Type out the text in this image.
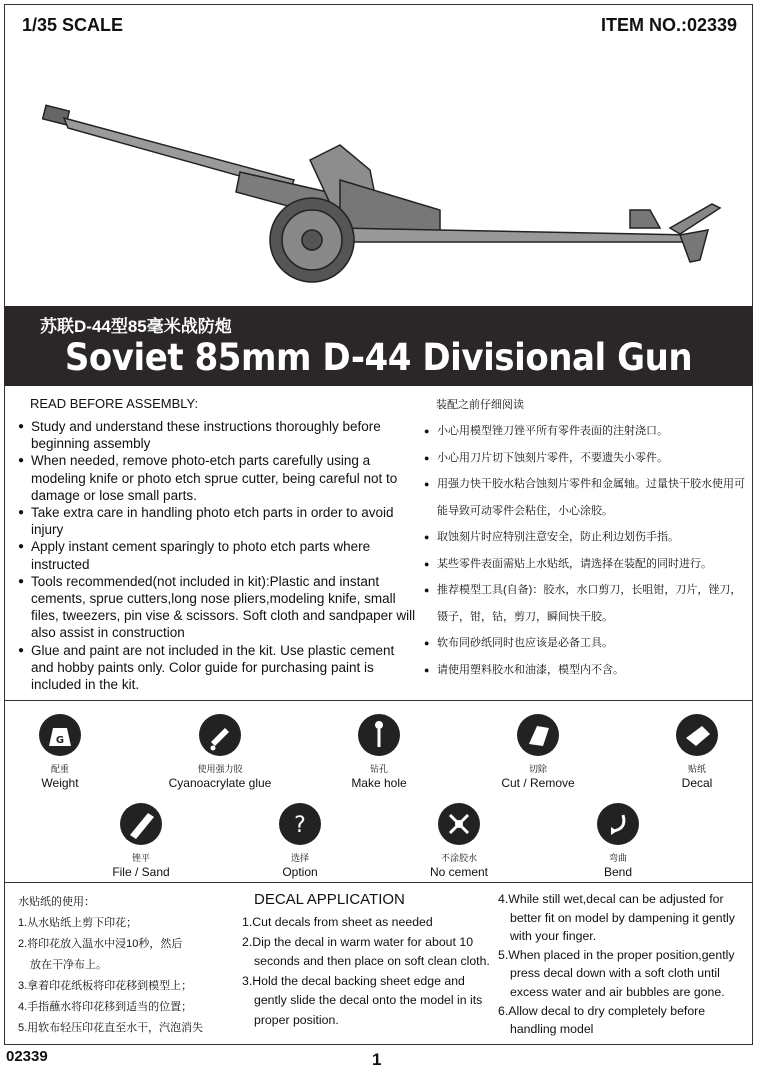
1/35 SCALE	ITEM NO.:02339
苏联D-44型85毫米战防炮
Soviet 85mm D-44 Divisional Gun
READ BEFORE ASSEMBLY:
● Study and understand these instructions thoroughly before beginning assembly
● When needed, remove photo-etch parts carefully using a modeling knife or photo etch sprue cutter, being careful not to damage or lose small parts.
● Take extra care in handling photo etch parts in order to avoid injury
● Apply instant cement sparingly to photo etch parts where instructed
● Tools recommended(not included in kit):Plastic and instant cements, sprue cutters,long nose pliers,modeling knife, small files, tweezers, pin vise & scissors. Soft cloth and sandpaper will also assist in construction
● Glue and paint are not included in the kit. Use plastic cement and hobby paints only. Color guide for purchasing paint is included in the kit.
装配之前仔细阅读
● 小心用模型锉刀锉平所有零件表面的注射浇口。
● 小心用刀片切下蚀刻片零件，不要遗失小零件。
● 用强力快干胶水粘合蚀刻片零件和金属轴。过量快干胶水使用可能导致可动零件会粘住，小心涂胶。
● 取蚀刻片时应特别注意安全，防止利边划伤手指。
● 某些零件表面需贴上水贴纸，请选择在装配的同时进行。
● 推荐模型工具(自备)：胶水，水口剪刀，长咀钳，刀片，锉刀，镊子，钳，钻，剪刀，瞬间快干胶。
● 软布同砂纸同时也应该是必备工具。
● 请使用塑料胶水和油漆，模型内不含。
G
配重
Weight
使用强力胶
Cyanoacrylate glue
钻孔
Make hole
切除
Cut / Remove
贴纸
Decal
锉平
File / Sand
?
选择
Option
不涂胶水
No cement
弯曲
Bend
水贴纸的使用：
1.从水贴纸上剪下印花；
2.将印花放入温水中浸10秒，然后
放在干净布上。
3.拿着印花纸板将印花移到模型上；
4.手指蘸水将印花移到适当的位置；
5.用软布轻压印花直至水干，汽泡消失
DECAL APPLICATION
1.Cut decals from sheet as needed
2.Dip the decal in warm water for about 10 seconds and then place on soft clean cloth.
3.Hold the decal backing sheet edge and gently slide the decal onto the model in its proper position.
4.While still wet,decal can be adjusted for better fit on model by dampening it gently with your finger.
5.When placed in the proper position,gently press decal down with a soft cloth until excess water and air bubbles are gone.
6.Allow decal to dry completely before handling model
02339	1
